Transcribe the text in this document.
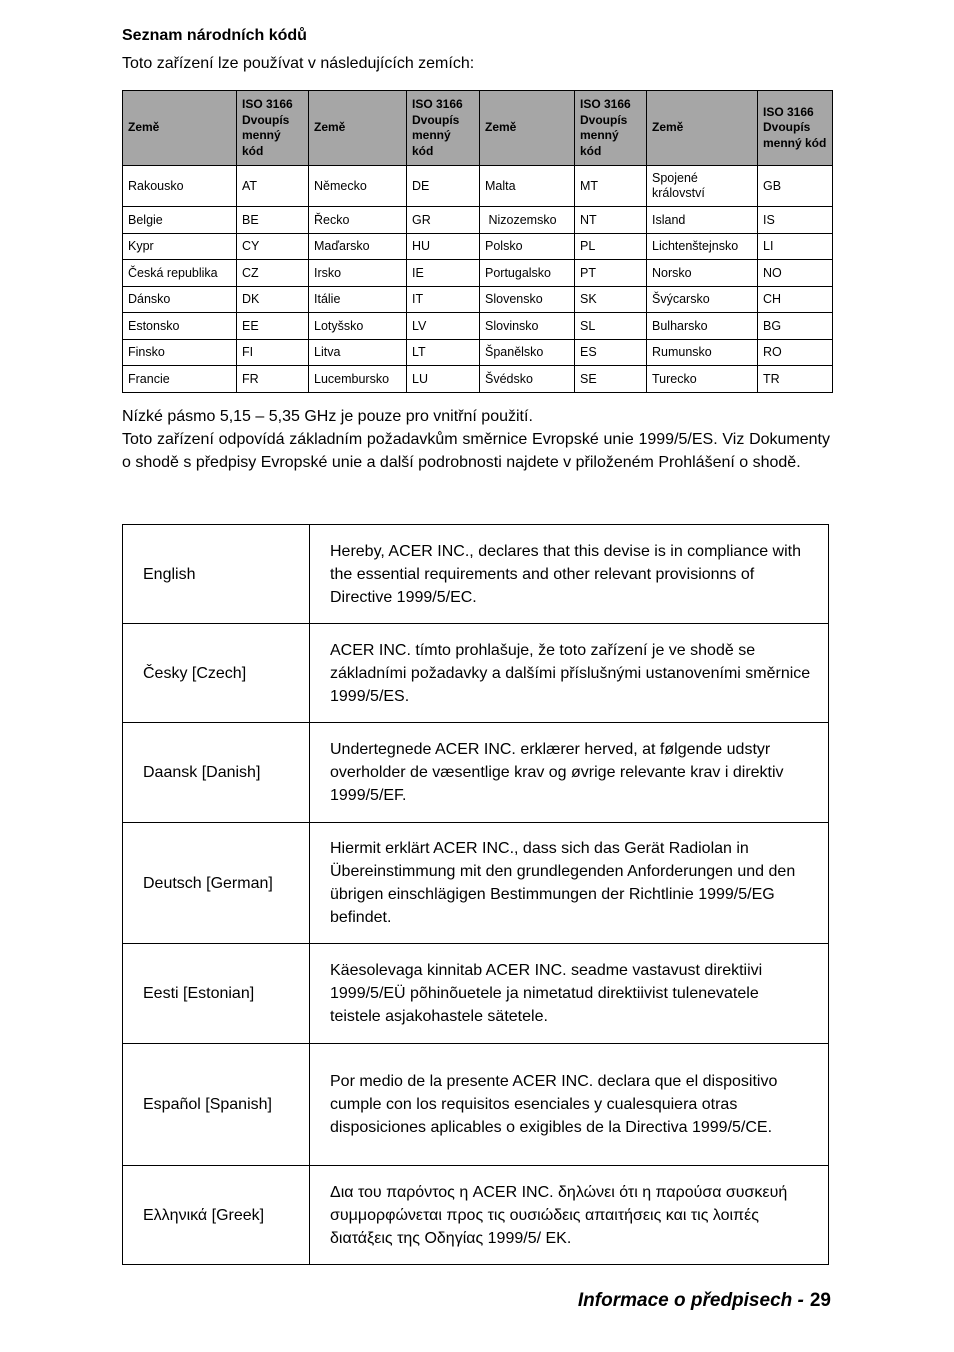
Seznam národních kódů
Toto zařízení lze používat v následujících zemích:
Země	ISO 3166 Dvoupís menný kód	Země	ISO 3166 Dvoupís menný kód	Země	ISO 3166 Dvoupís menný kód	Země	ISO 3166 Dvoupís menný kód
Rakousko	AT	Německo	DE	Malta	MT	Spojené království	GB
Belgie	BE	Řecko	GR	Nizozemsko	NT	Island	IS
Kypr	CY	Maďarsko	HU	Polsko	PL	Lichtenštejnsko	LI
Česká republika	CZ	Irsko	IE	Portugalsko	PT	Norsko	NO
Dánsko	DK	Itálie	IT	Slovensko	SK	Švýcarsko	CH
Estonsko	EE	Lotyšsko	LV	Slovinsko	SL	Bulharsko	BG
Finsko	FI	Litva	LT	Španělsko	ES	Rumunsko	RO
Francie	FR	Lucembursko	LU	Švédsko	SE	Turecko	TR
Nízké pásmo 5,15 – 5,35 GHz je pouze pro vnitřní použití.
Toto zařízení odpovídá základním požadavkům směrnice Evropské unie 1999/5/ES. Viz Dokumenty o shodě s předpisy Evropské unie a další podrobnosti najdete v přiloženém Prohlášení o shodě.
English	Hereby, ACER INC., declares that this devise is in compliance with the essential requirements and other relevant provisionns of Directive 1999/5/EC.
Česky [Czech]	ACER INC. tímto prohlašuje, že toto zařízení je ve shodě se základními požadavky a dalšími příslušnými ustanoveními směrnice 1999/5/ES.
Daansk [Danish]	Undertegnede ACER INC. erklærer herved, at følgende udstyr overholder de væsentlige krav og øvrige relevante krav i direktiv 1999/5/EF.
Deutsch [German]	Hiermit erklärt ACER INC., dass sich das Gerät Radiolan in Übereinstimmung mit den grundlegenden Anforderungen und den übrigen einschlägigen Bestimmungen der Richtlinie 1999/5/EG befindet.
Eesti [Estonian]	Käesolevaga kinnitab ACER INC. seadme vastavust direktiivi 1999/5/EÜ põhinõuetele ja nimetatud direktiivist tulenevatele teistele asjakohastele sätetele.
Español [Spanish]	Por medio de la presente ACER INC. declara que el dispositivo cumple con los requisitos esenciales y cualesquiera otras disposiciones aplicables o exigibles de la Directiva 1999/5/CE.
Ελληνικά [Greek]	Δια του παρόντος η ACER INC. δηλώνει ότι η παρούσα συσκευή συμμορφώνεται προς τις ουσιώδεις απαιτήσεις και τις λοιπές διατάξεις της Οδηγίας 1999/5/ ΕΚ.
Informace o předpisech - 29
